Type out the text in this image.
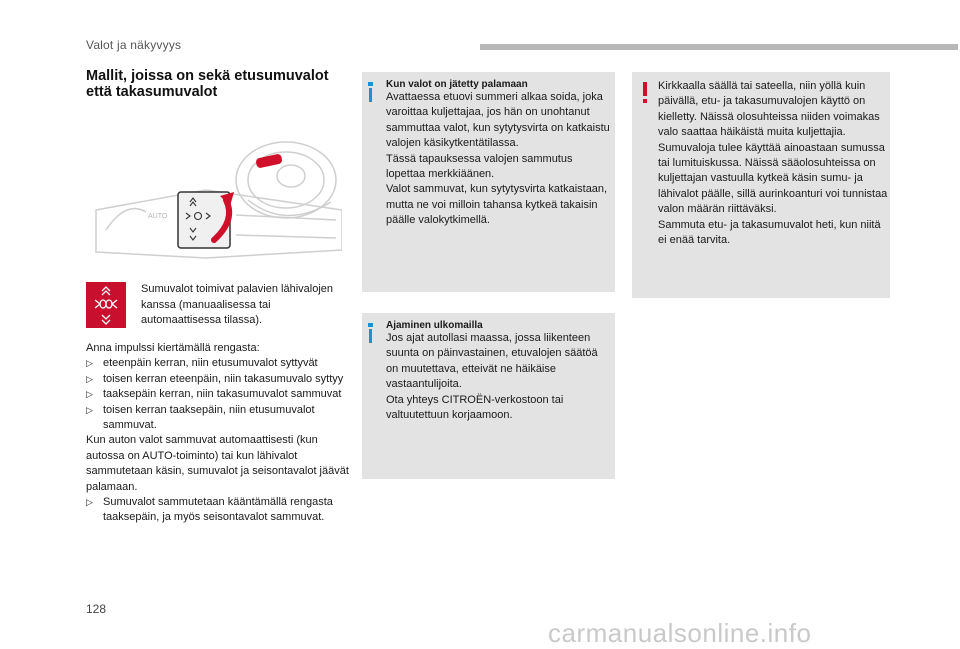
Valot ja näkyvyys
Mallit, joissa on sekä etusumuvalot että takasumuvalot
AUTO
Sumuvalot toimivat palavien lähivalojen kanssa (manuaalisessa tai automaattisessa tilassa).

Anna impulssi kiertämällä rengasta:

▷ eteenpäin kerran, niin etusumuvalot syttyvät

▷ toisen kerran eteenpäin, niin takasumuvalo syttyy

▷ taaksepäin kerran, niin takasumuvalot sammuvat

▷ toisen kerran taaksepäin, niin etusumuvalot sammuvat.

Kun auton valot sammuvat automaattisesti (kun autossa on AUTO-toiminto) tai kun lähivalot sammutetaan käsin, sumuvalot ja seisontavalot jäävät palamaan.

▷ Sumuvalot sammutetaan kääntämällä rengasta taaksepäin, ja myös seisontavalot sammuvat.

Kun valot on jätetty palamaan
Avattaessa etuovi summeri alkaa soida, joka varoittaa kuljettajaa, jos hän on unohtanut sammuttaa valot, kun sytytysvirta on katkaistu valojen käsikytkentätilassa.
Tässä tapauksessa valojen sammutus lopettaa merkkiäänen.
Valot sammuvat, kun sytytysvirta katkaistaan, mutta ne voi milloin tahansa kytkeä takaisin päälle valokytkimellä.
Ajaminen ulkomailla
Jos ajat autollasi maassa, jossa liikenteen suunta on päinvastainen, etuvalojen säätöä on muutettava, etteivät ne häikäise vastaantulijoita.
Ota yhteys CITROËN-verkostoon tai valtuutettuun korjaamoon.
Kirkkaalla säällä tai sateella, niin yöllä kuin päivällä, etu- ja takasumuvalojen käyttö on kielletty. Näissä olosuhteissa niiden voimakas valo saattaa häikäistä muita kuljettajia. Sumuvaloja tulee käyttää ainoastaan sumussa tai lumituiskussa. Näissä sääolosuhteissa on kuljettajan vastuulla kytkeä käsin sumu- ja lähivalot päälle, sillä aurinkoanturi voi tunnistaa valon määrän riittäväksi.
Sammuta etu- ja takasumuvalot heti, kun niitä ei enää tarvita.
128
carmanualsonline.info
